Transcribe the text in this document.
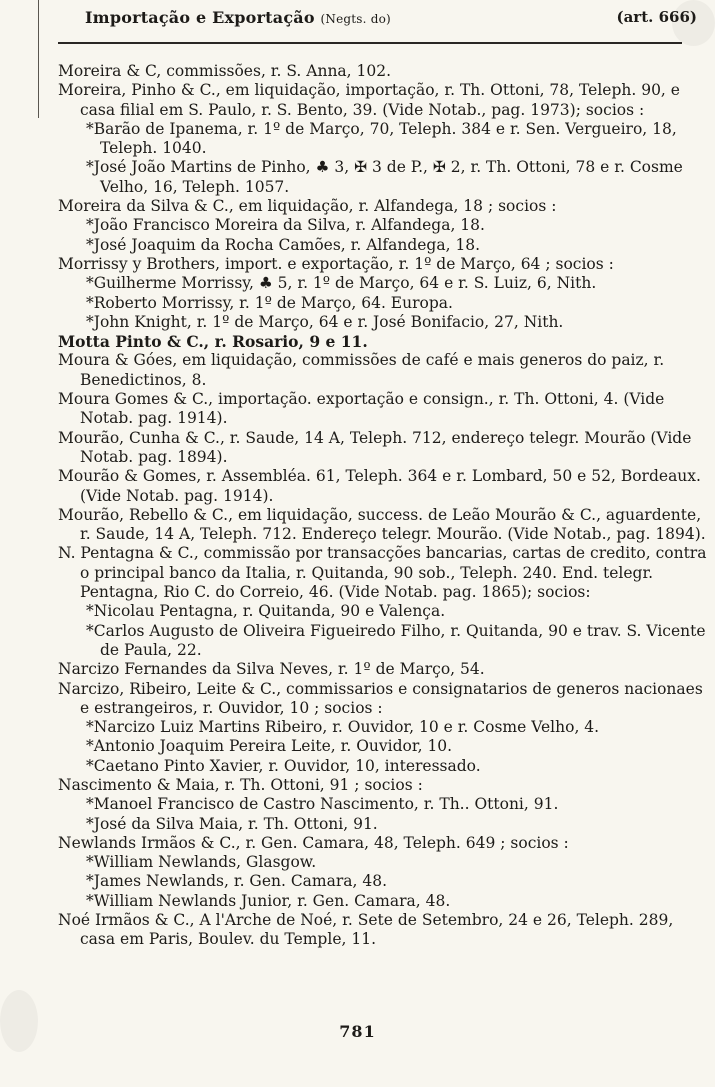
Importação e Exportação (Negts. do)	(art. 666)

Moreira & C, commissões, r. S. Anna, 102.

Moreira, Pinho & C., em liquidação, importação, r. Th. Ottoni, 78, Teleph. 90, e casa filial em S. Paulo, r. S. Bento, 39. (Vide Notab., pag. 1973); socios :

*Barão de Ipanema, r. 1º de Março, 70, Teleph. 384 e r. Sen. Vergueiro, 18, Teleph. 1040.

*José João Martins de Pinho, ♣ 3, ✠ 3 de P., ✠ 2, r. Th. Ottoni, 78 e r. Cosme Velho, 16, Teleph. 1057.

Moreira da Silva & C., em liquidação, r. Alfandega, 18 ; socios :

*João Francisco Moreira da Silva, r. Alfandega, 18.

*José Joaquim da Rocha Camões, r. Alfandega, 18.

Morrissy y Brothers, import. e exportação, r. 1º de Março, 64 ; socios :

*Guilherme Morrissy, ♣ 5, r. 1º de Março, 64 e r. S. Luiz, 6, Nith.

*Roberto Morrissy, r. 1º de Março, 64. Europa.

*John Knight, r. 1º de Março, 64 e r. José Bonifacio, 27, Nith.

Motta Pinto & C., r. Rosario, 9 e 11.

Moura & Góes, em liquidação, commissões de café e mais generos do paiz, r. Benedictinos, 8.

Moura Gomes & C., importação. exportação e consign., r. Th. Ottoni, 4. (Vide Notab. pag. 1914).

Mourão, Cunha & C., r. Saude, 14 A, Teleph. 712, endereço telegr. Mourão (Vide Notab. pag. 1894).

Mourão & Gomes, r. Assembléa. 61, Teleph. 364 e r. Lombard, 50 e 52, Bordeaux. (Vide Notab. pag. 1914).

Mourão, Rebello & C., em liquidação, success. de Leão Mourão & C., aguardente, r. Saude, 14 A, Teleph. 712. Endereço telegr. Mourão. (Vide Notab., pag. 1894).

N. Pentagna & C., commissão por transacções bancarias, cartas de credito, contra o principal banco da Italia, r. Quitanda, 90 sob., Teleph. 240. End. telegr. Pentagna, Rio C. do Correio, 46. (Vide Notab. pag. 1865); socios:

*Nicolau Pentagna, r. Quitanda, 90 e Valença.

*Carlos Augusto de Oliveira Figueiredo Filho, r. Quitanda, 90 e trav. S. Vicente de Paula, 22.

Narcizo Fernandes da Silva Neves, r. 1º de Março, 54.

Narcizo, Ribeiro, Leite & C., commissarios e consignatarios de generos nacionaes e estrangeiros, r. Ouvidor, 10 ; socios :

*Narcizo Luiz Martins Ribeiro, r. Ouvidor, 10 e r. Cosme Velho, 4.

*Antonio Joaquim Pereira Leite, r. Ouvidor, 10.

*Caetano Pinto Xavier, r. Ouvidor, 10, interessado.

Nascimento & Maia, r. Th. Ottoni, 91 ; socios :

*Manoel Francisco de Castro Nascimento, r. Th.. Ottoni, 91.

*José da Silva Maia, r. Th. Ottoni, 91.

Newlands Irmãos & C., r. Gen. Camara, 48, Teleph. 649 ; socios :

*William Newlands, Glasgow.

*James Newlands, r. Gen. Camara, 48.

*William Newlands Junior, r. Gen. Camara, 48.

Noé Irmãos & C., A l'Arche de Noé, r. Sete de Setembro, 24 e 26, Teleph. 289, casa em Paris, Boulev. du Temple, 11.

781
